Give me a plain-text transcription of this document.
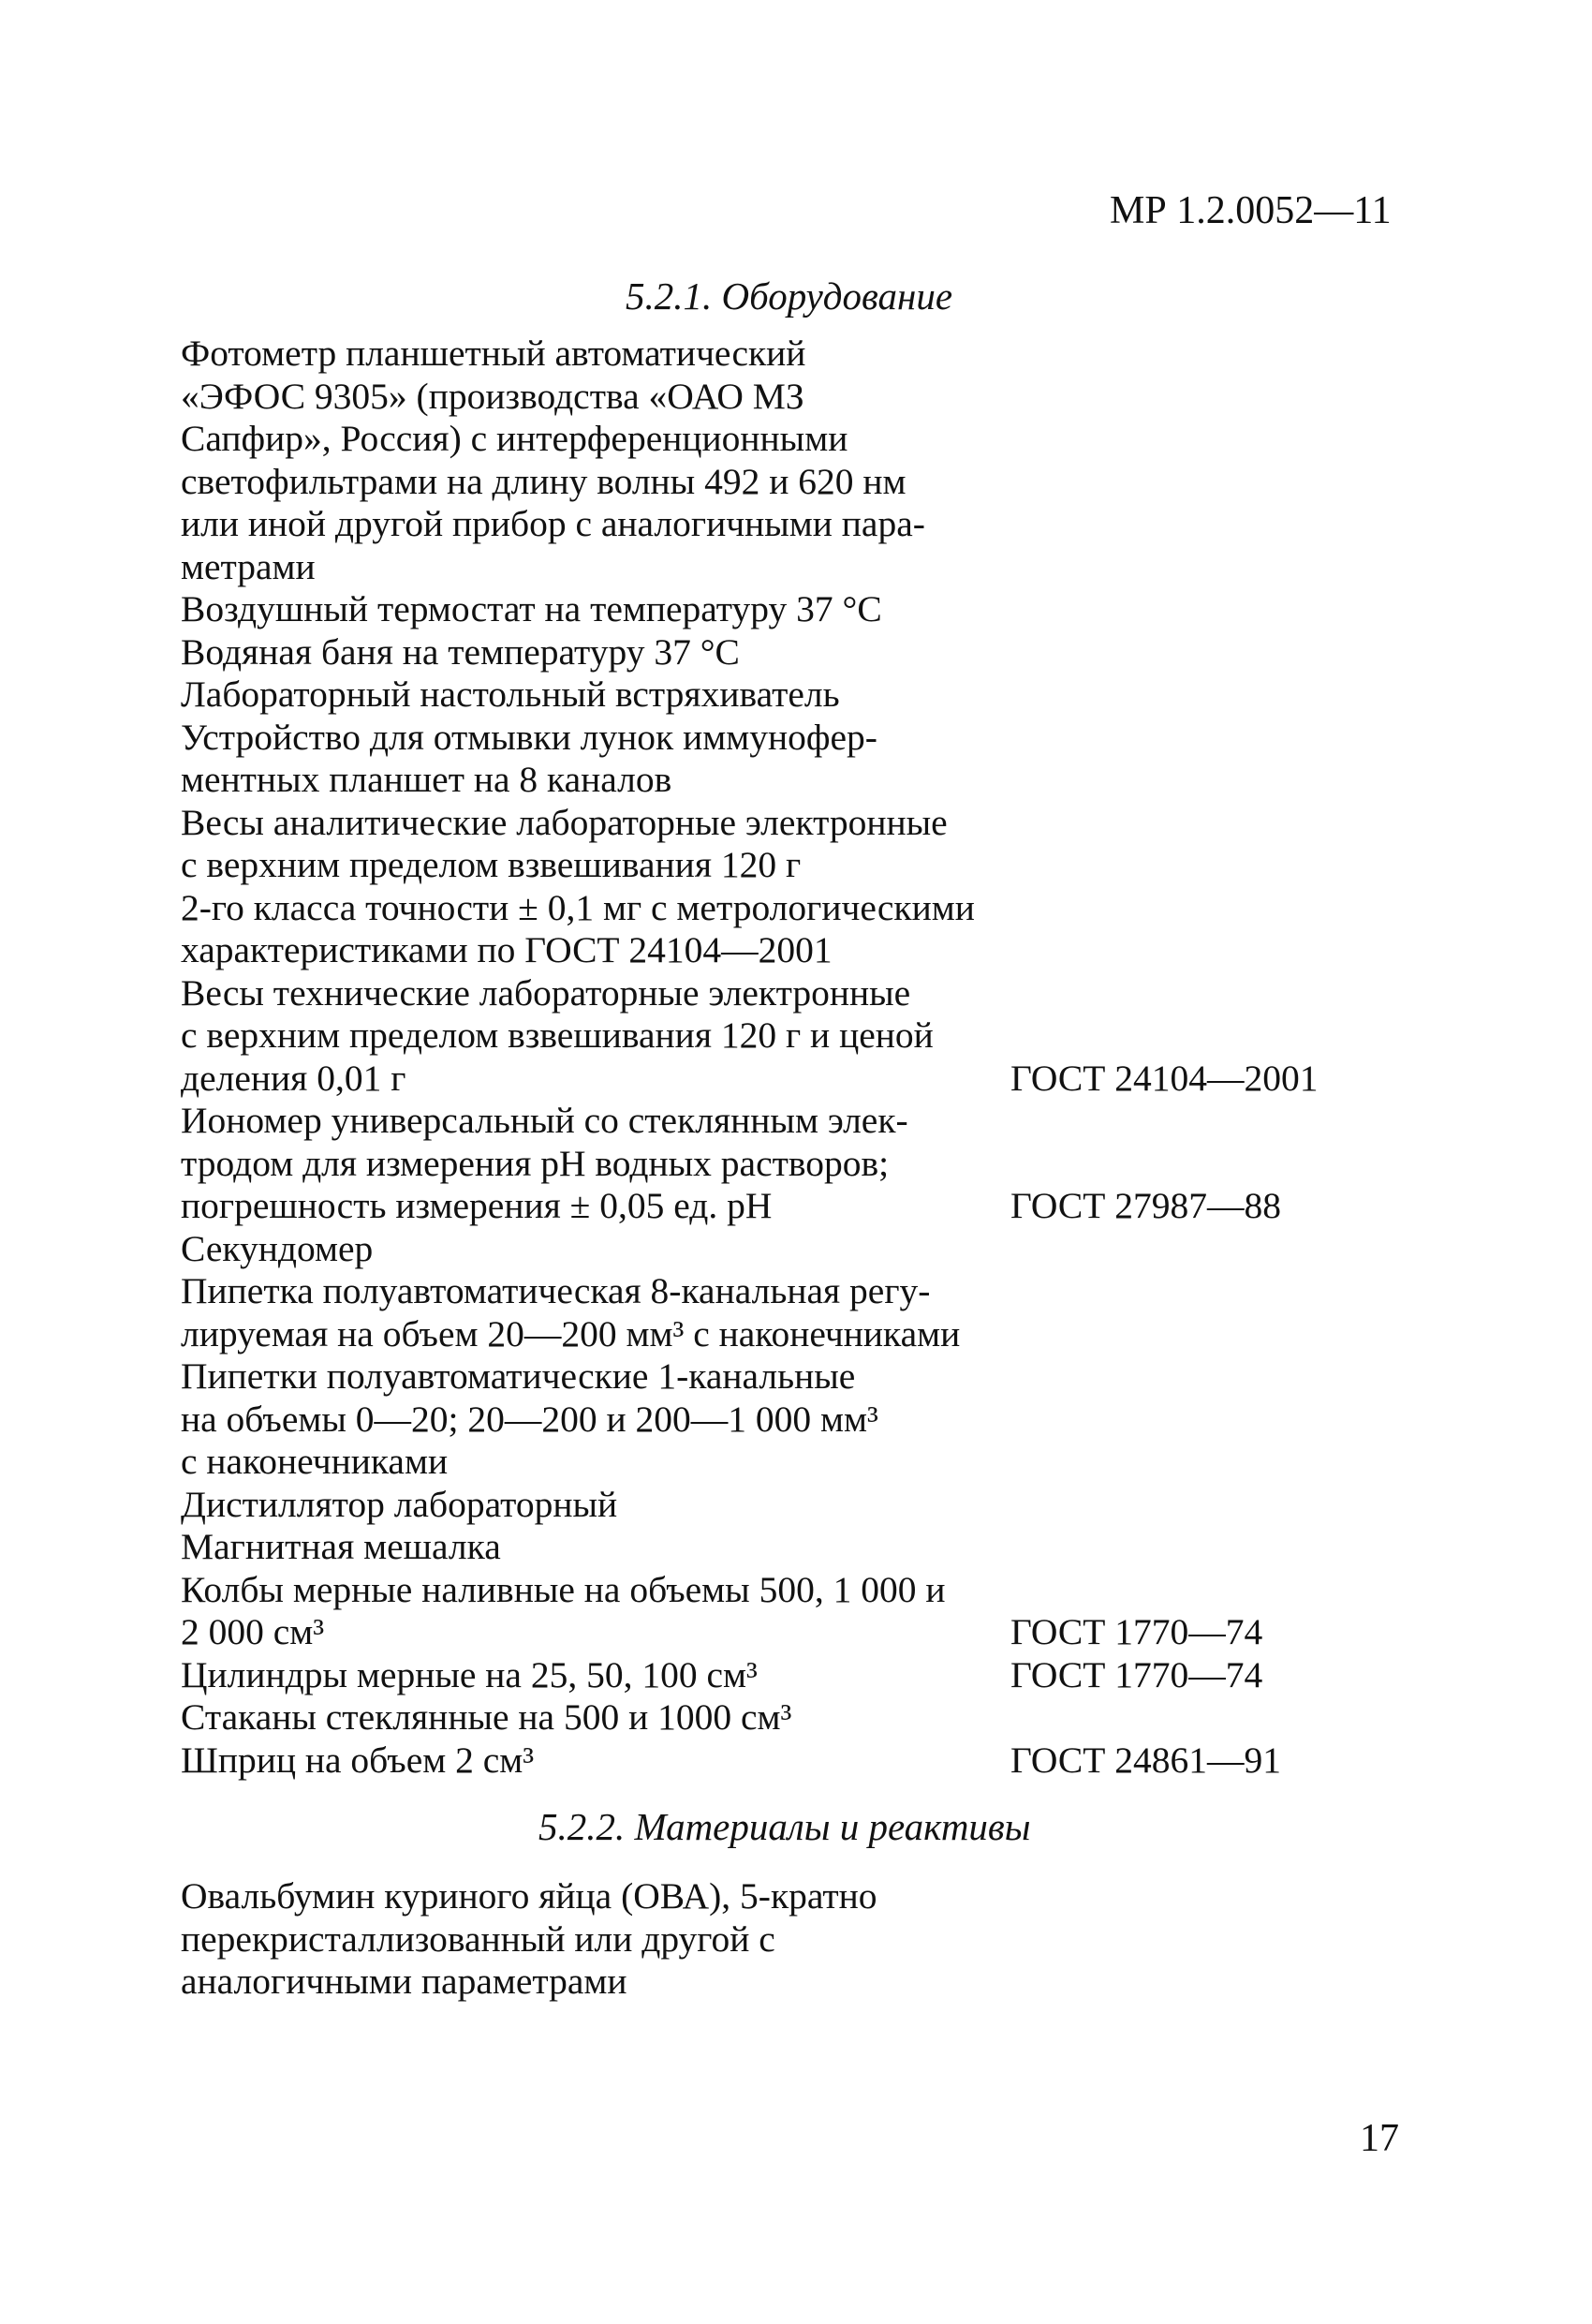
МР 1.2.0052—11
5.2.1. Оборудование
Фотометр планшетный автоматический
«ЭФОС 9305» (производства «ОАО МЗ
Сапфир», Россия) с интерференционными
светофильтрами на длину волны 492 и 620 нм
или иной другой прибор с аналогичными пара-
метрами
Воздушный термостат на температуру 37 °С
Водяная баня на температуру 37 °С
Лабораторный настольный встряхиватель
Устройство для отмывки лунок иммунофер-
ментных планшет на 8 каналов
Весы аналитические лабораторные электронные
с верхним пределом взвешивания 120 г
2-го класса точности ± 0,1 мг с метрологическими
характеристиками по ГОСТ 24104—2001
Весы технические лабораторные электронные
с верхним пределом взвешивания 120 г и ценой
деления 0,01 г	ГОСТ 24104—2001
Иономер универсальный со стеклянным элек-
тродом для измерения рН водных растворов;
погрешность измерения ± 0,05 ед. рН	ГОСТ 27987—88
Секундомер
Пипетка полуавтоматическая 8-канальная регу-
лируемая на объем 20—200 мм³ с наконечниками
Пипетки полуавтоматические 1-канальные
на объемы 0—20; 20—200 и 200—1 000 мм³
с наконечниками
Дистиллятор лабораторный
Магнитная мешалка
Колбы мерные наливные на объемы 500, 1 000 и
2 000 см³	ГОСТ 1770—74
Цилиндры мерные на 25, 50, 100 см³	ГОСТ 1770—74
Стаканы стеклянные на 500 и 1000 см³
Шприц на объем 2 см³	ГОСТ 24861—91
5.2.2. Материалы и реактивы
Овальбумин куриного яйца (ОВА), 5-кратно
перекристаллизованный или другой с
аналогичными параметрами
17
